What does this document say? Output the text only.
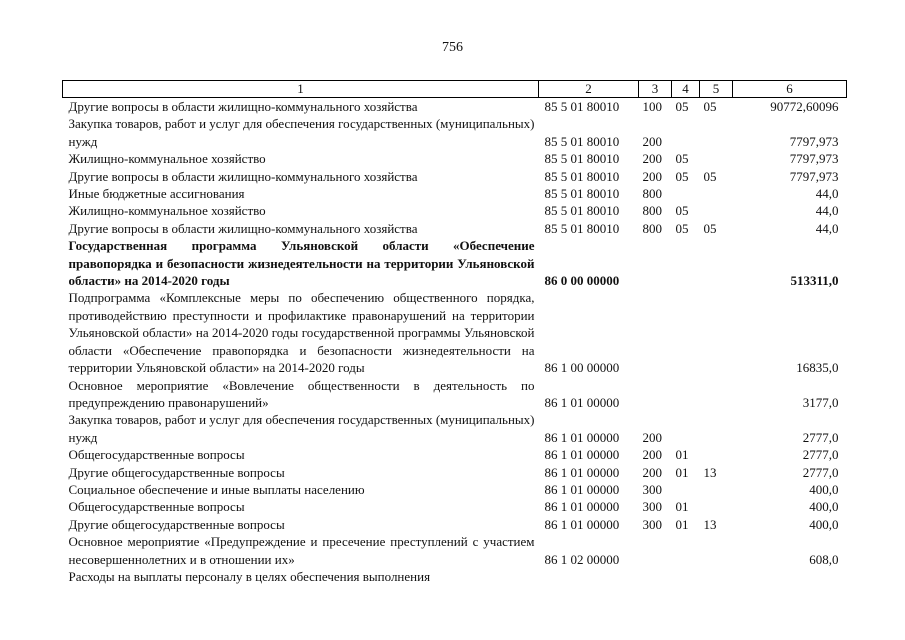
756
1	2	3	4	5	6
Другие вопросы в области жилищно-коммунального хозяйства	85 5 01 80010	100	05	05	90772,60096
Закупка товаров, работ и услуг для обеспечения государственных (муниципальных) нужд	85 5 01 80010	200			7797,973
Жилищно-коммунальное хозяйство	85 5 01 80010	200	05		7797,973
Другие вопросы в области жилищно-коммунального хозяйства	85 5 01 80010	200	05	05	7797,973
Иные бюджетные ассигнования	85 5 01 80010	800			44,0
Жилищно-коммунальное хозяйство	85 5 01 80010	800	05		44,0
Другие вопросы в области жилищно-коммунального хозяйства	85 5 01 80010	800	05	05	44,0
Государственная программа Ульяновской области «Обеспечение правопорядка и безопасности жизнедеятельности на территории Ульяновской области» на 2014-2020 годы	86 0 00 00000				513311,0
Подпрограмма «Комплексные меры по обеспечению общественного порядка, противодействию преступности и профилактике правонарушений на территории Ульяновской области» на 2014-2020 годы государственной программы Ульяновской области «Обеспечение правопорядка и безопасности жизнедеятельности на территории Ульяновской области» на 2014-2020 годы	86 1 00 00000				16835,0
Основное мероприятие «Вовлечение общественности в деятельность по предупреждению правонарушений»	86 1 01 00000				3177,0
Закупка товаров, работ и услуг для обеспечения государственных (муниципальных) нужд	86 1 01 00000	200			2777,0
Общегосударственные вопросы	86 1 01 00000	200	01		2777,0
Другие общегосударственные вопросы	86 1 01 00000	200	01	13	2777,0
Социальное обеспечение и иные выплаты населению	86 1 01 00000	300			400,0
Общегосударственные вопросы	86 1 01 00000	300	01		400,0
Другие общегосударственные вопросы	86 1 01 00000	300	01	13	400,0
Основное мероприятие «Предупреждение и пресечение преступлений с участием несовершеннолетних и в отношении их»	86 1 02 00000				608,0
Расходы на выплаты персоналу в целях обеспечения выполнения					
